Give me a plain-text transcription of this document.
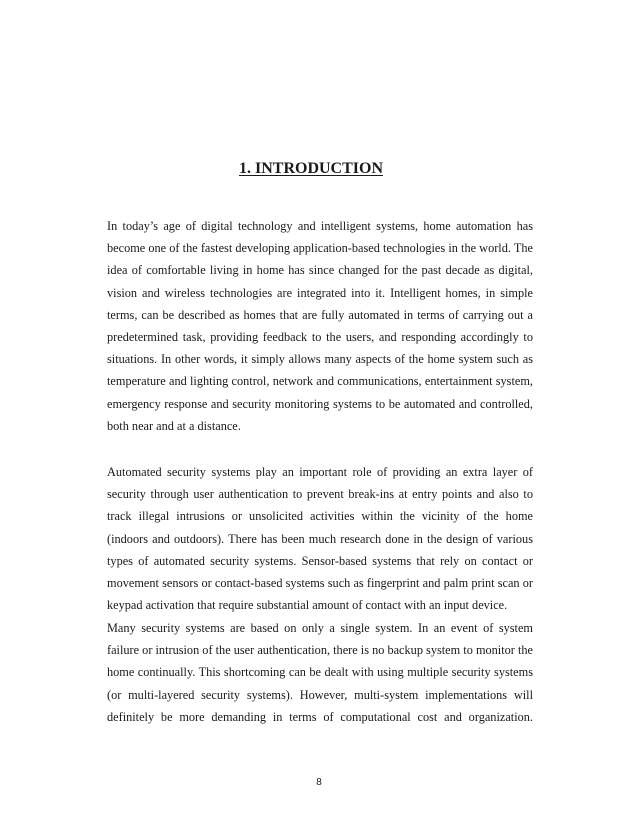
1. INTRODUCTION

In today’s age of digital technology and intelligent systems, home automation has become one of the fastest developing application-based technologies in the world. The idea of comfortable living in home has since changed for the past decade as digital, vision and wireless technologies are integrated into it. Intelligent homes, in simple terms, can be described as homes that are fully automated in terms of carrying out a predetermined task, providing feedback to the users, and responding accordingly to situations. In other words, it simply allows many aspects of the home system such as temperature and lighting control, network and communications, entertainment system, emergency response and security monitoring systems to be automated and controlled, both near and at a distance.

Automated security systems play an important role of providing an extra layer of security through user authentication to prevent break-ins at entry points and also to track illegal intrusions or unsolicited activities within the vicinity of the home (indoors and outdoors). There has been much research done in the design of various types of automated security systems. Sensor-based systems that rely on contact or movement sensors or contact-based systems such as fingerprint and palm print scan or keypad activation that require substantial amount of contact with an input device.

Many security systems are based on only a single system. In an event of system failure or intrusion of the user authentication, there is no backup system to monitor the home continually. This shortcoming can be dealt with using multiple security systems (or multi-layered security systems). However, multi-system implementations will definitely be more demanding in terms of computational cost and organization.

8
